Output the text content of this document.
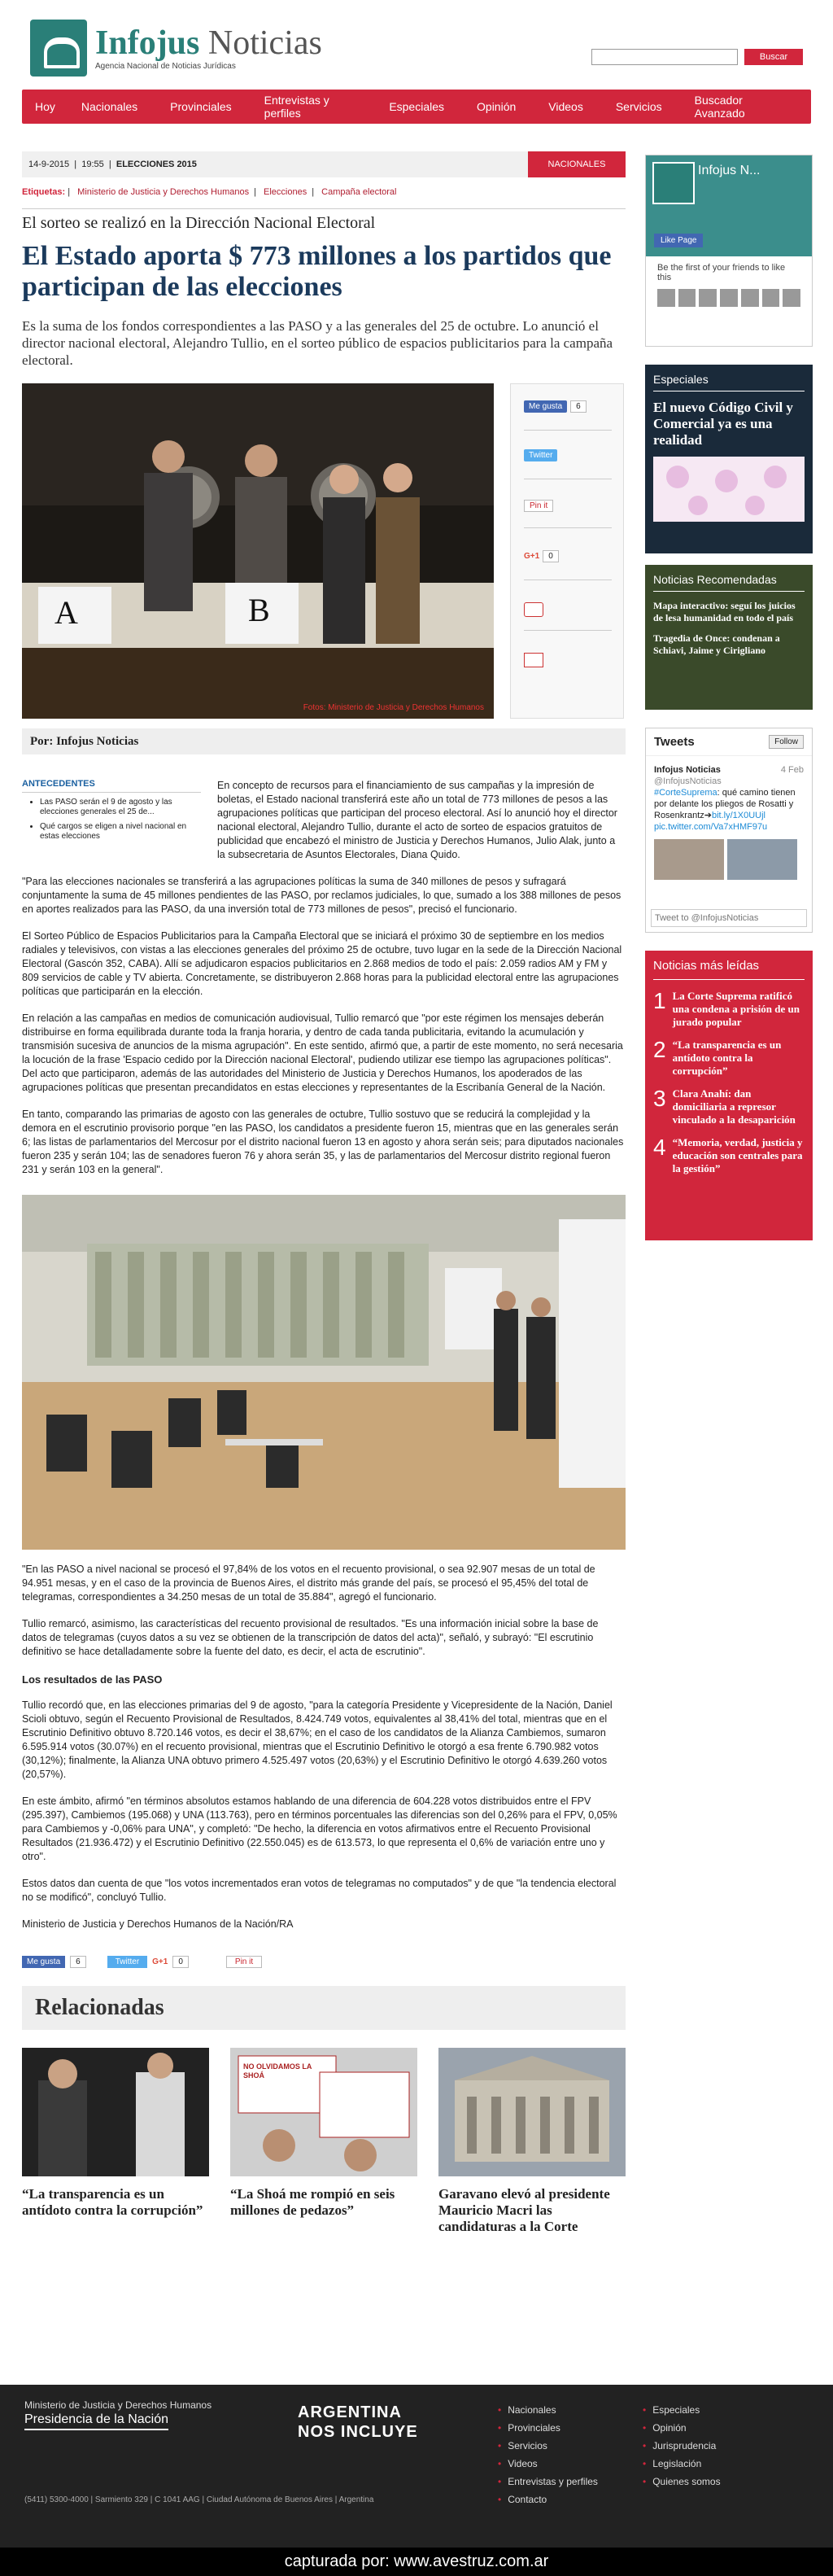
Infojus Noticias
Agencia Nacional de Noticias Jurídicas
Buscar
Hoy	Nacionales	Provinciales	Entrevistas y perfiles	Especiales	Opinión	Videos	Servicios	Buscador Avanzado
14-9-2015 | 19:55 | ELECCIONES 2015	NACIONALES
Etiquetas: | Ministerio de Justicia y Derechos Humanos | Elecciones | Campaña electoral
El sorteo se realizó en la Dirección Nacional Electoral
El Estado aporta $ 773 millones a los partidos que participan de las elecciones
Es la suma de los fondos correspondientes a las PASO y a las generales del 25 de octubre. Lo anunció el director nacional electoral, Alejandro Tullio, en el sorteo público de espacios publicitarios para la campaña electoral.
A	B
Fotos: Ministerio de Justicia y Derechos Humanos
Me gusta	6
Twitter
Pin it
G+1	0
Por: Infojus Noticias
ANTECEDENTES
• Las PASO serán el 9 de agosto y las elecciones generales el 25 de...
• Qué cargos se eligen a nivel nacional en estas elecciones
En concepto de recursos para el financiamiento de sus campañas y la impresión de boletas, el Estado nacional transferirá este año un total de 773 millones de pesos a las agrupaciones políticas que participan del proceso electoral. Así lo anunció hoy el director nacional electoral, Alejandro Tullio, durante el acto de sorteo de espacios gratuitos de publicidad que encabezó el ministro de Justicia y Derechos Humanos, Julio Alak, junto a la subsecretaria de Asuntos Electorales, Diana Quido.

"Para las elecciones nacionales se transferirá a las agrupaciones políticas la suma de 340 millones de pesos y sufragará conjuntamente la suma de 45 millones pendientes de las PASO, por reclamos judiciales, lo que, sumado a los 388 millones de pesos en aportes realizados para las PASO, da una inversión total de 773 millones de pesos", precisó el funcionario.

El Sorteo Público de Espacios Publicitarios para la Campaña Electoral que se iniciará el próximo 30 de septiembre en los medios radiales y televisivos, con vistas a las elecciones generales del próximo 25 de octubre, tuvo lugar en la sede de la Dirección Nacional Electoral (Gascón 352, CABA). Allí se adjudicaron espacios publicitarios en 2.868 medios de todo el país: 2.059 radios AM y FM y 809 servicios de cable y TV abierta. Concretamente, se distribuyeron 2.868 horas para la publicidad electoral entre las agrupaciones políticas que participarán en la elección.

En relación a las campañas en medios de comunicación audiovisual, Tullio remarcó que "por este régimen los mensajes deberán distribuirse en forma equilibrada durante toda la franja horaria, y dentro de cada tanda publicitaria, evitando la acumulación y transmisión sucesiva de anuncios de la misma agrupación". En este sentido, afirmó que, a partir de este momento, no será necesaria la locución de la frase 'Espacio cedido por la Dirección nacional Electoral', pudiendo utilizar ese tiempo las agrupaciones políticas". Del acto que participaron, además de las autoridades del Ministerio de Justicia y Derechos Humanos, los apoderados de las agrupaciones políticas que presentan precandidatos en estas elecciones y representantes de la Escribanía General de la Nación.

En tanto, comparando las primarias de agosto con las generales de octubre, Tullio sostuvo que se reducirá la complejidad y la demora en el escrutinio provisorio porque "en las PASO, los candidatos a presidente fueron 15, mientras que en las generales serán 6; las listas de parlamentarios del Mercosur por el distrito nacional fueron 13 en agosto y ahora serán seis; para diputados nacionales fueron 235 y serán 104; las de senadores fueron 76 y ahora serán 35, y las de parlamentarios del Mercosur distrito regional fueron 231 y serán 103 en la general".

"En las PASO a nivel nacional se procesó el 97,84% de los votos en el recuento provisional, o sea 92.907 mesas de un total de 94.951 mesas, y en el caso de la provincia de Buenos Aires, el distrito más grande del país, se procesó el 95,45% del total de telegramas, correspondientes a 34.250 mesas de un total de 35.884", agregó el funcionario.

Tullio remarcó, asimismo, las características del recuento provisional de resultados. "Es una información inicial sobre la base de datos de telegramas (cuyos datos a su vez se obtienen de la transcripción de datos del acta)", señaló, y subrayó: "El escrutinio definitivo se hace detalladamente sobre la fuente del dato, es decir, el acta de escrutinio".

Los resultados de las PASO

Tullio recordó que, en las elecciones primarias del 9 de agosto, "para la categoría Presidente y Vicepresidente de la Nación, Daniel Scioli obtuvo, según el Recuento Provisional de Resultados, 8.424.749 votos, equivalentes al 38,41% del total, mientras que en el Escrutinio Definitivo obtuvo 8.720.146 votos, es decir el 38,67%; en el caso de los candidatos de la Alianza Cambiemos, sumaron 6.595.914 votos (30.07%) en el recuento provisional, mientras que el Escrutinio Definitivo le otorgó a esa frente 6.790.982 votos (30,12%); finalmente, la Alianza UNA obtuvo primero 4.525.497 votos (20,63%) y el Escrutinio Definitivo le otorgó 4.639.260 votos (20,57%).

En este ámbito, afirmó "en términos absolutos estamos hablando de una diferencia de 604.228 votos distribuidos entre el FPV (295.397), Cambiemos (195.068) y UNA (113.763), pero en términos porcentuales las diferencias son del 0,26% para el FPV, 0,05% para Cambiemos y -0,06% para UNA", y completó: "De hecho, la diferencia en votos afirmativos entre el Recuento Provisional Resultados (21.936.472) y el Escrutinio Definitivo (22.550.045) es de 613.573, lo que representa el 0,6% de variación entre uno y otro".

Estos datos dan cuenta de que "los votos incrementados eran votos de telegramas no computados" y de que "la tendencia electoral no se modificó", concluyó Tullio.

Ministerio de Justicia y Derechos Humanos de la Nación/RA

Me gusta	6	Twitter	G+1	0	Pin it
Relacionadas

“La transparencia es un antídoto contra la corrupción”

NO OLVIDAMOS LA SHOÁ

“La Shoá me rompió en seis millones de pedazos”

Garavano elevó al presidente Mauricio Macri las candidaturas a la Corte

Infojus N...
Like Page
Be the first of your friends to like this
Especiales

El nuevo Código Civil y Comercial ya es una realidad

Noticias Recomendadas

Mapa interactivo: seguí los juicios de lesa humanidad en todo el país

Tragedia de Once: condenan a Schiavi, Jaime y Cirigliano

Tweets	Follow
Infojus Noticias	4 Feb
@InfojusNoticias
#CorteSuprema: qué camino tienen por delante los pliegos de Rosatti y Rosenkrantz➔bit.ly/1X0UUjl
pic.twitter.com/Va7xHMF97u
Tweet to @InfojusNoticias
Noticias más leídas
1 La Corte Suprema ratificó una condena a prisión de un jurado popular

2 “La transparencia es un antídoto contra la corrupción”

3 Clara Anahí: dan domiciliaria a represor vinculado a la desaparición

4 “Memoria, verdad, justicia y educación son centrales para la gestión”

Ministerio de Justicia y Derechos Humanos
Presidencia de la Nación	ARGENTINA
NOS INCLUYE
(5411) 5300-4000 | Sarmiento 329 | C 1041 AAG | Ciudad Autónoma de Buenos Aires | Argentina
• Nacionales
• Provinciales
• Servicios
• Videos
• Entrevistas y perfiles
• Contacto
• Especiales
• Opinión
• Jurisprudencia
• Legislación
• Quienes somos
capturada por: www.avestruz.com.ar
